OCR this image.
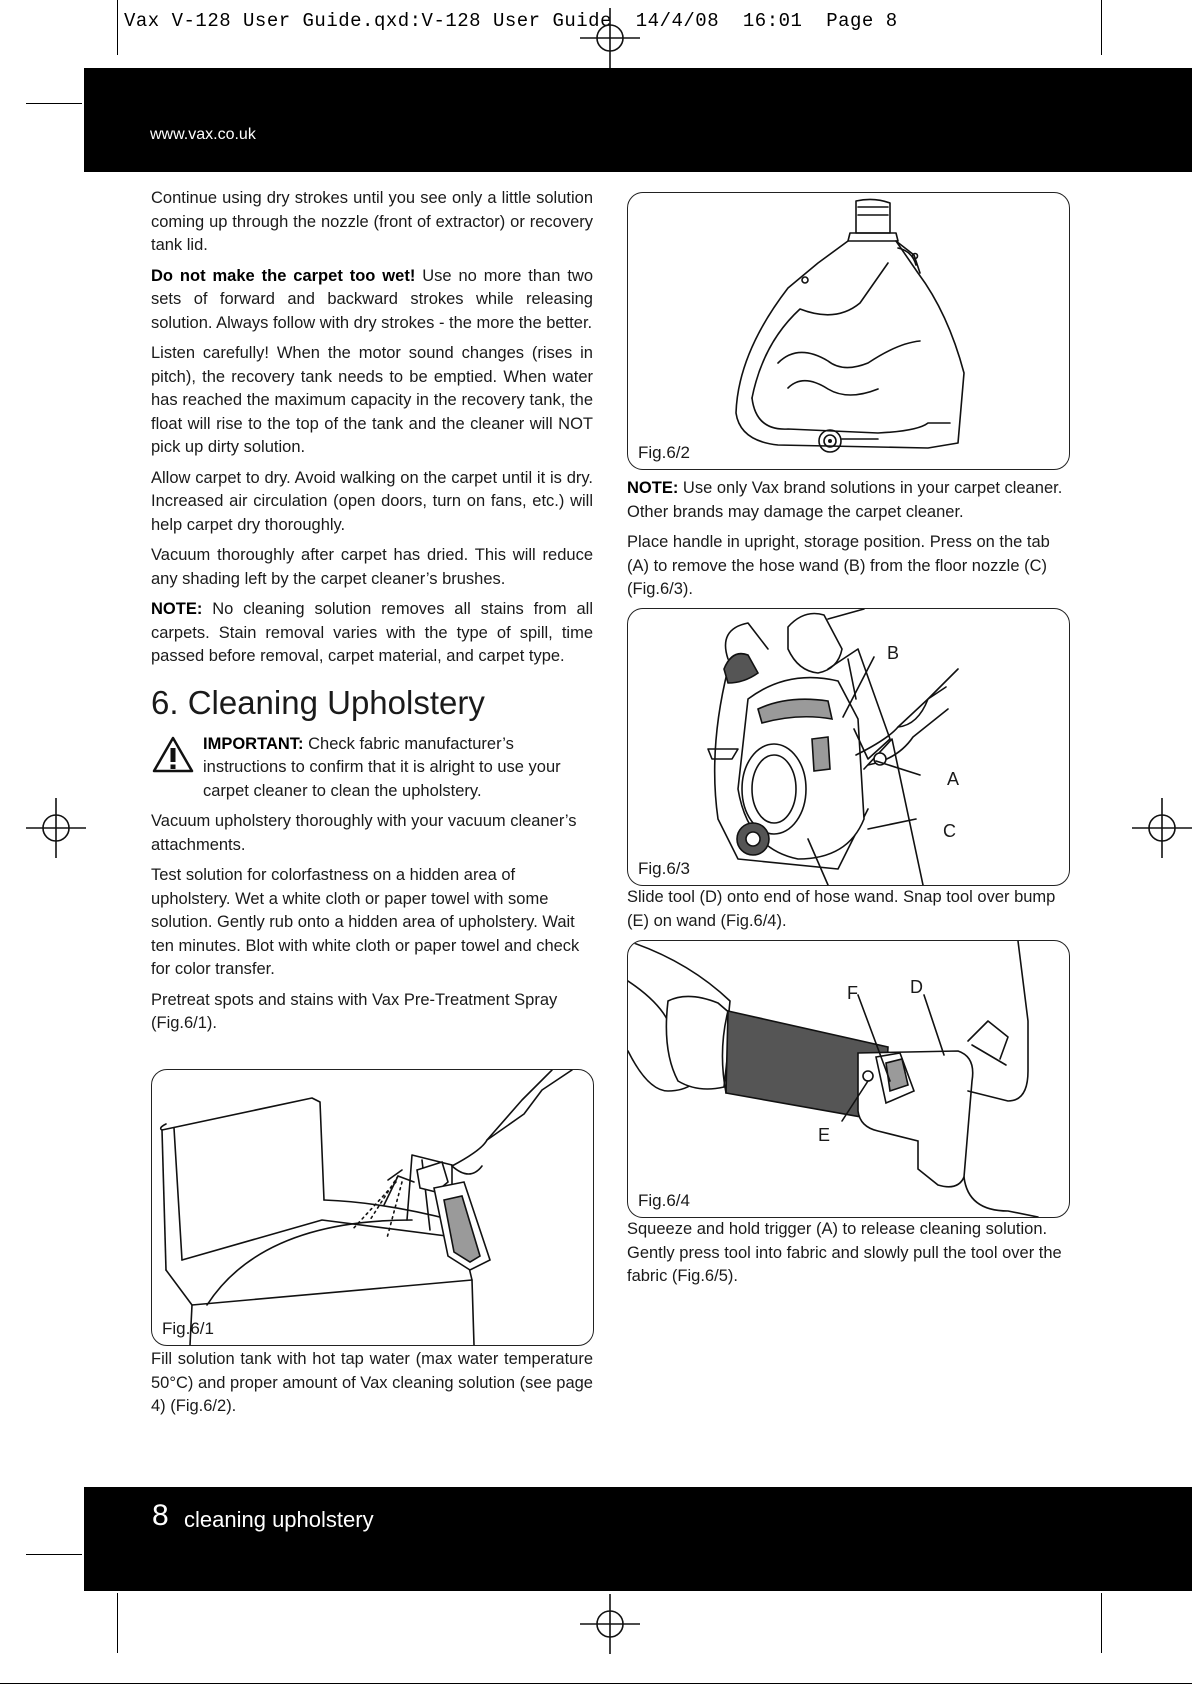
Vax V-128 User Guide.qxd:V-128 User Guide  14/4/08  16:01  Page 8
www.vax.co.uk

Continue using dry strokes until you see only a little solution coming up through the nozzle (front of extractor) or recovery tank lid.

Do not make the carpet too wet! Use no more than two sets of forward and backward strokes while releasing solution. Always follow with dry strokes - the more the better.

Listen carefully! When the motor sound changes (rises in pitch), the recovery tank needs to be emptied. When water has reached the maximum capacity in the recovery tank, the float will rise to the top of the tank and the cleaner will NOT pick up dirty solution.

Allow carpet to dry. Avoid walking on the carpet until it is dry. Increased air circulation (open doors, turn on fans, etc.) will help carpet dry thoroughly.

Vacuum thoroughly after carpet has dried. This will reduce any shading left by the carpet cleaner’s brushes.

NOTE: No cleaning solution removes all stains from all carpets. Stain removal varies with the type of spill, time passed before removal, carpet material, and carpet type.

6. Cleaning Upholstery

IMPORTANT: Check fabric manufacturer’s instructions to confirm that it is alright to use your carpet cleaner to clean the upholstery.

Vacuum upholstery thoroughly with your vacuum cleaner’s attachments.

Test solution for colorfastness on a hidden area of upholstery. Wet a white cloth or paper towel with some solution. Gently rub onto a hidden area of upholstery. Wait ten minutes. Blot with white cloth or paper towel and check for color transfer.

Pretreat spots and stains with Vax Pre-Treatment Spray (Fig.6/1).

Fig.6/1

Fill solution tank with hot tap water (max water temperature 50°C) and proper amount of Vax cleaning solution (see page 4) (Fig.6/2).

Fig.6/2

NOTE: Use only Vax brand solutions in your carpet cleaner. Other brands may damage the carpet cleaner.

Place handle in upright, storage position. Press on the tab (A) to remove the hose wand (B) from the floor nozzle (C) (Fig.6/3).

B
A
C
Fig.6/3

Slide tool (D) onto end of hose wand. Snap tool over bump (E) on wand (Fig.6/4).

F	D
E
Fig.6/4

Squeeze and hold trigger (A) to release cleaning solution. Gently press tool into fabric and slowly pull the tool over the fabric (Fig.6/5).

8 cleaning upholstery
